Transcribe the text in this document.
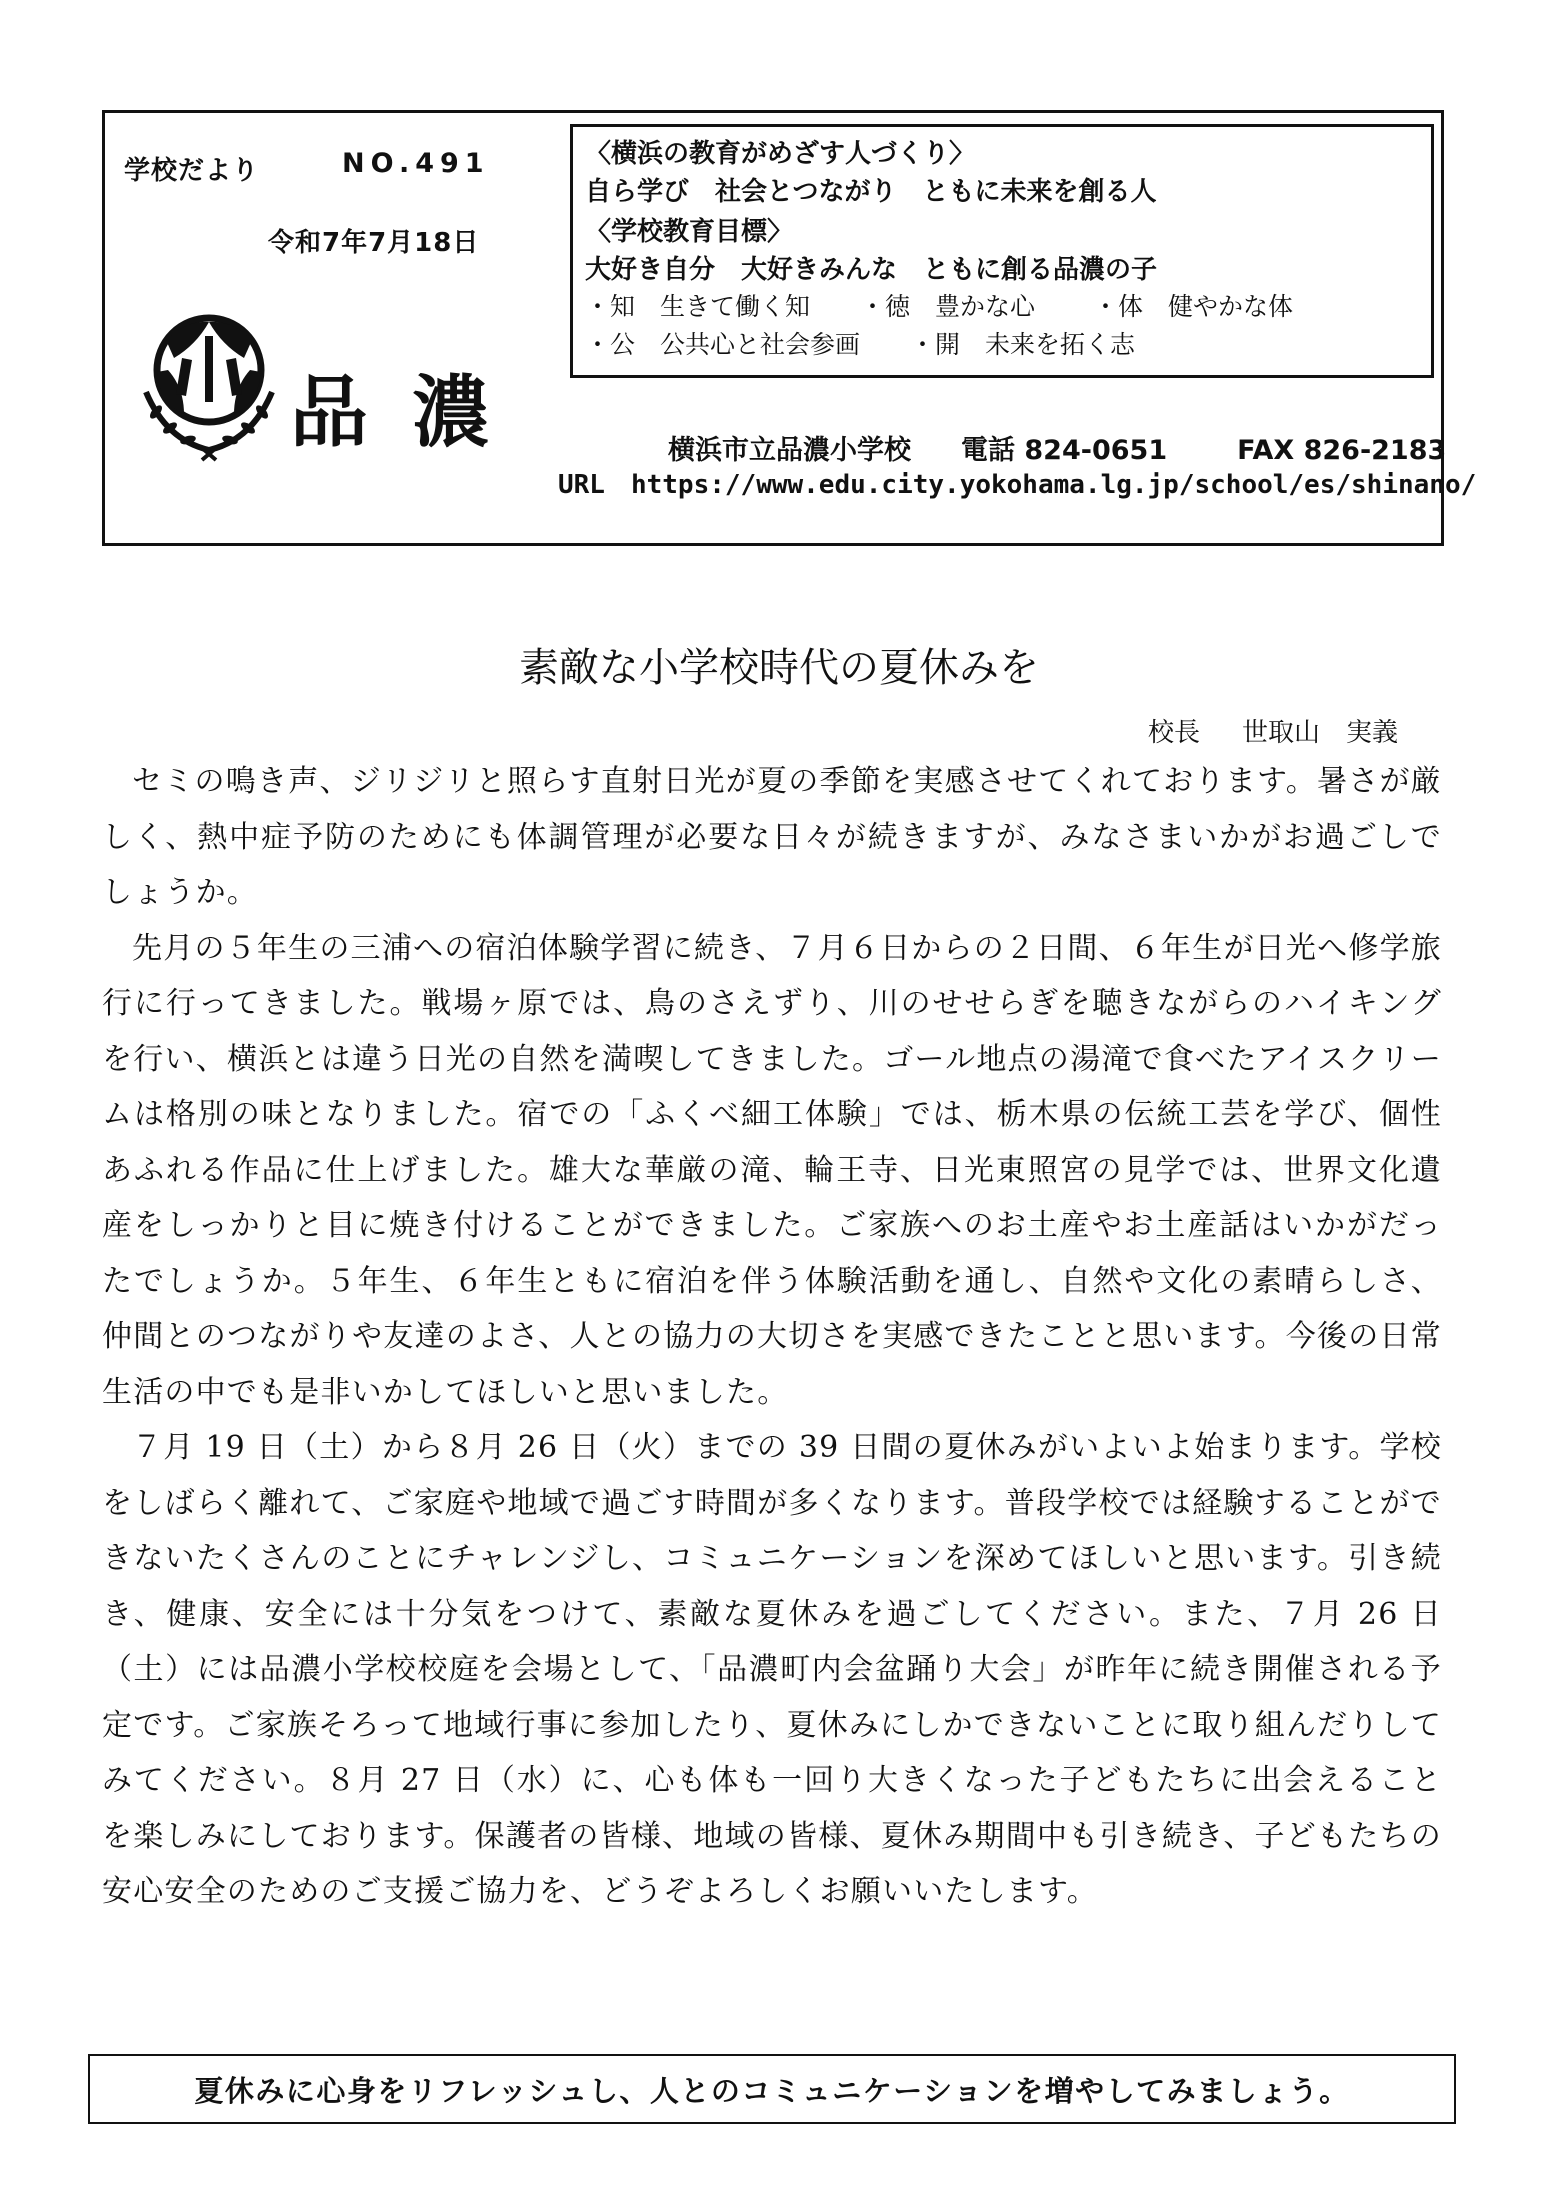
学校だより	NO.491
令和7年7月18日
品濃
〈横浜の教育がめざす人づくり〉
自ら学び　社会とつながり　ともに未来を創る人
〈学校教育目標〉
大好き自分　大好きみんな　ともに創る品濃の子
・知　生きて働く知　　・徳　豊かな心　　 ・体　健やかな体
・公　公共心と社会参画　　・開　未来を拓く志
横浜市立品濃小学校 電話 824-0651	FAX 826-2183
URL https://www.edu.city.yokohama.lg.jp/school/es/shinano/
素敵な小学校時代の夏休みを
校長 世取山　実義

セミの鳴き声、ジリジリと照らす直射日光が夏の季節を実感させてくれております。暑さが厳しく、熱中症予防のためにも体調管理が必要な日々が続きますが、みなさまいかがお過ごしでしょうか。

先月の５年生の三浦への宿泊体験学習に続き、７月６日からの２日間、６年生が日光へ修学旅行に行ってきました。戦場ヶ原では、鳥のさえずり、川のせせらぎを聴きながらのハイキングを行い、横浜とは違う日光の自然を満喫してきました。ゴール地点の湯滝で食べたアイスクリームは格別の味となりました。宿での「ふくべ細工体験」では、栃木県の伝統工芸を学び、個性あふれる作品に仕上げました。雄大な華厳の滝、輪王寺、日光東照宮の見学では、世界文化遺産をしっかりと目に焼き付けることができました。ご家族へのお土産やお土産話はいかがだったでしょうか。５年生、６年生ともに宿泊を伴う体験活動を通し、自然や文化の素晴らしさ、仲間とのつながりや友達のよさ、人との協力の大切さを実感できたことと思います。今後の日常生活の中でも是非いかしてほしいと思いました。

７月 19 日（土）から８月 26 日（火）までの 39 日間の夏休みがいよいよ始まります。学校をしばらく離れて、ご家庭や地域で過ごす時間が多くなります。普段学校では経験することができないたくさんのことにチャレンジし、コミュニケーションを深めてほしいと思います。引き続き、健康、安全には十分気をつけて、素敵な夏休みを過ごしてください。また、７月 26 日（土）には品濃小学校校庭を会場として、「品濃町内会盆踊り大会」が昨年に続き開催される予定です。ご家族そろって地域行事に参加したり、夏休みにしかできないことに取り組んだりしてみてください。８月 27 日（水）に、心も体も一回り大きくなった子どもたちに出会えることを楽しみにしております。保護者の皆様、地域の皆様、夏休み期間中も引き続き、子どもたちの安心安全のためのご支援ご協力を、どうぞよろしくお願いいたします。

夏休みに心身をリフレッシュし、人とのコミュニケーションを増やしてみましょう。
